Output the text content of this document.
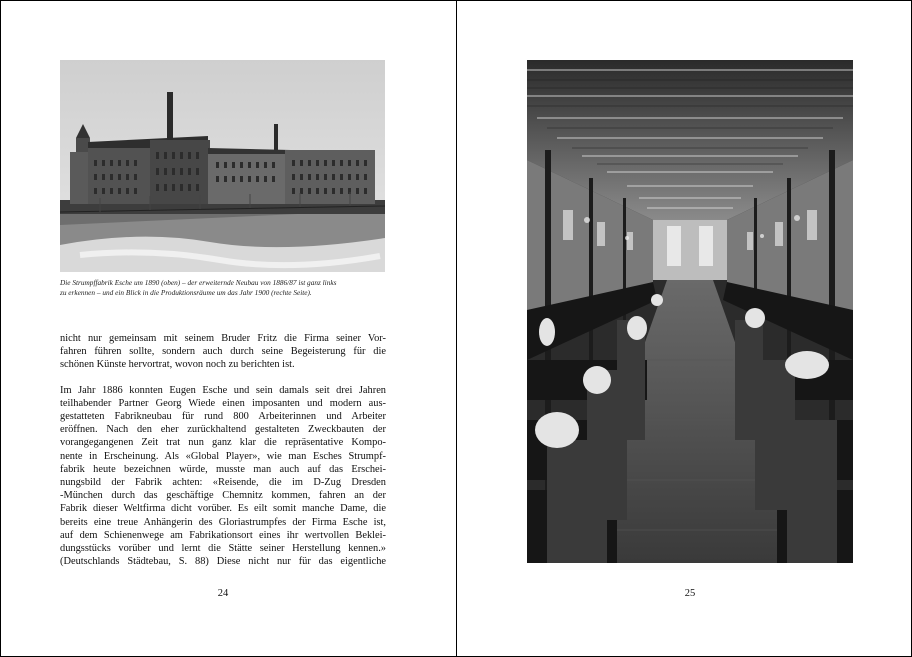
Die Strumpffabrik Esche um 1890 (oben) – der erweiternde Neubau von 1886/87 ist ganz links
zu erkennen – und ein Blick in die Produktionsräume um das Jahr 1900 (rechte Seite).

nicht nur gemeinsam mit seinem Bruder Fritz die Firma seiner Vor-
fahren führen sollte, sondern auch durch seine Begeisterung für die
schönen Künste hervortrat, wovon noch zu berichten ist.

Im Jahr 1886 konnten Eugen Esche und sein damals seit drei Jahren
teilhabender Partner Georg Wiede einen imposanten und modern aus-
gestatteten Fabrikneubau für rund 800 Arbeiterinnen und Arbeiter
eröffnen. Nach den eher zurückhaltend gestalteten Zweckbauten der
vorangegangenen Zeit trat nun ganz klar die repräsentative Kompo-
nente in Erscheinung. Als «Global Player», wie man Esches Strumpf-
fabrik heute bezeichnen würde, musste man auch auf das Erschei-
nungsbild der Fabrik achten: «Reisende, die im D-Zug Dresden
-München durch das geschäftige Chemnitz kommen, fahren an der
Fabrik dieser Weltfirma dicht vorüber. Es eilt somit manche Dame, die
bereits eine treue Anhängerin des Gloriastrumpfes der Firma Esche ist,
auf dem Schienenwege am Fabrikationsort eines ihr wertvollen Beklei-
dungsstücks vorüber und lernt die Stätte seiner Herstellung kennen.»
(Deutschlands Städtebau, S. 88) Diese nicht nur für das eigentliche

24	25
